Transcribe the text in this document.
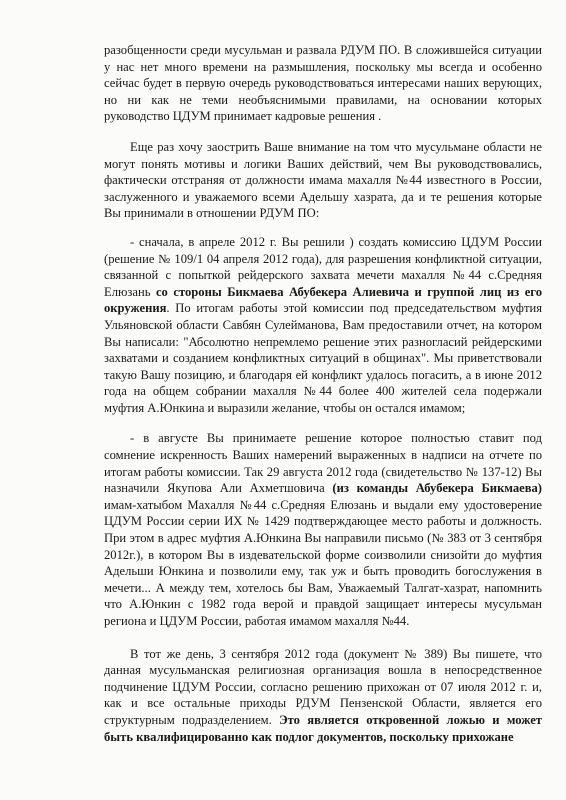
разобщенности среди мусульман и развала РДУМ ПО. В сложившейся ситуации у нас нет много времени на размышления, поскольку мы всегда и особенно сейчас будет в первую очередь руководствоваться интересами наших верующих, но ни как не теми необъяснимыми правилами, на основании которых руководство ЦДУМ принимает кадровые решения .

Еще раз хочу заострить Ваше внимание на том что мусульмане области не могут понять мотивы и логики Ваших действий, чем Вы руководствовались, фактически отстраняя от должности имама махалля №44 известного в России, заслуженного и уважаемого всеми Адельшу хазрата, да и те решения которые Вы принимали в отношении РДУМ ПО:

- сначала, в апреле 2012 г. Вы решили ) создать комиссию ЦДУМ России (решение № 109/1 04 апреля 2012 года), для разрешения конфликтной ситуации, связанной с попыткой рейдерского захвата мечети махалля №44 с.Средняя Елюзань со стороны Бикмаева Абубекера Алиевича и группой лиц из его окружения. По итогам работы этой комиссии под председательством муфтия Ульяновской области Савбян Сулейманова, Вам предоставили отчет, на котором Вы написали: "Абсолютно непремлемо решение этих разногласий рейдерскими захватами и созданием конфликтных ситуаций в общинах". Мы приветствовали такую Вашу позицию, и благодаря ей конфликт удалось погасить, а в июне 2012 года на общем собрании махалля №44 более 400 жителей села подержали муфтия А.Юнкина и выразили желание, чтобы он остался имамом;

- в августе Вы принимаете решение которое полностью ставит под сомнение искренность Ваших намерений выраженных в надписи на отчете по итогам работы комиссии. Так 29 августа 2012 года (свидетельство № 137-12) Вы назначили Якупова Али Ахметшовича (из команды Абубекера Бикмаева) имам-хатыбом Махалля №44 с.Средняя Елюзань и выдали ему удостоверение ЦДУМ России серии ИХ № 1429 подтверждающее место работы и должность. При этом в адрес муфтия А.Юнкина Вы направили письмо (№ 383 от 3 сентября 2012г.), в котором Вы в издевательской форме соизволили снизойти до муфтия Адельши Юнкина и позволили ему, так уж и быть проводить богослужения в мечети... А между тем, хотелось бы Вам, Уважаемый Талгат-хазрат, напомнить что А.Юнкин с 1982 года верой и правдой защищает интересы мусульман региона и ЦДУМ России, работая имамом махалля №44.

В тот же день, 3 сентября 2012 года (документ № 389) Вы пишете, что данная мусульманская религиозная организация вошла в непосредственное подчинение ЦДУМ России, согласно решению прихожан от 07 июля 2012 г. и, как и все остальные приходы РДУМ Пензенской Области, является его структурным подразделением. Это является откровенной ложью и может быть квалифицированно как подлог документов, поскольку прихожане
